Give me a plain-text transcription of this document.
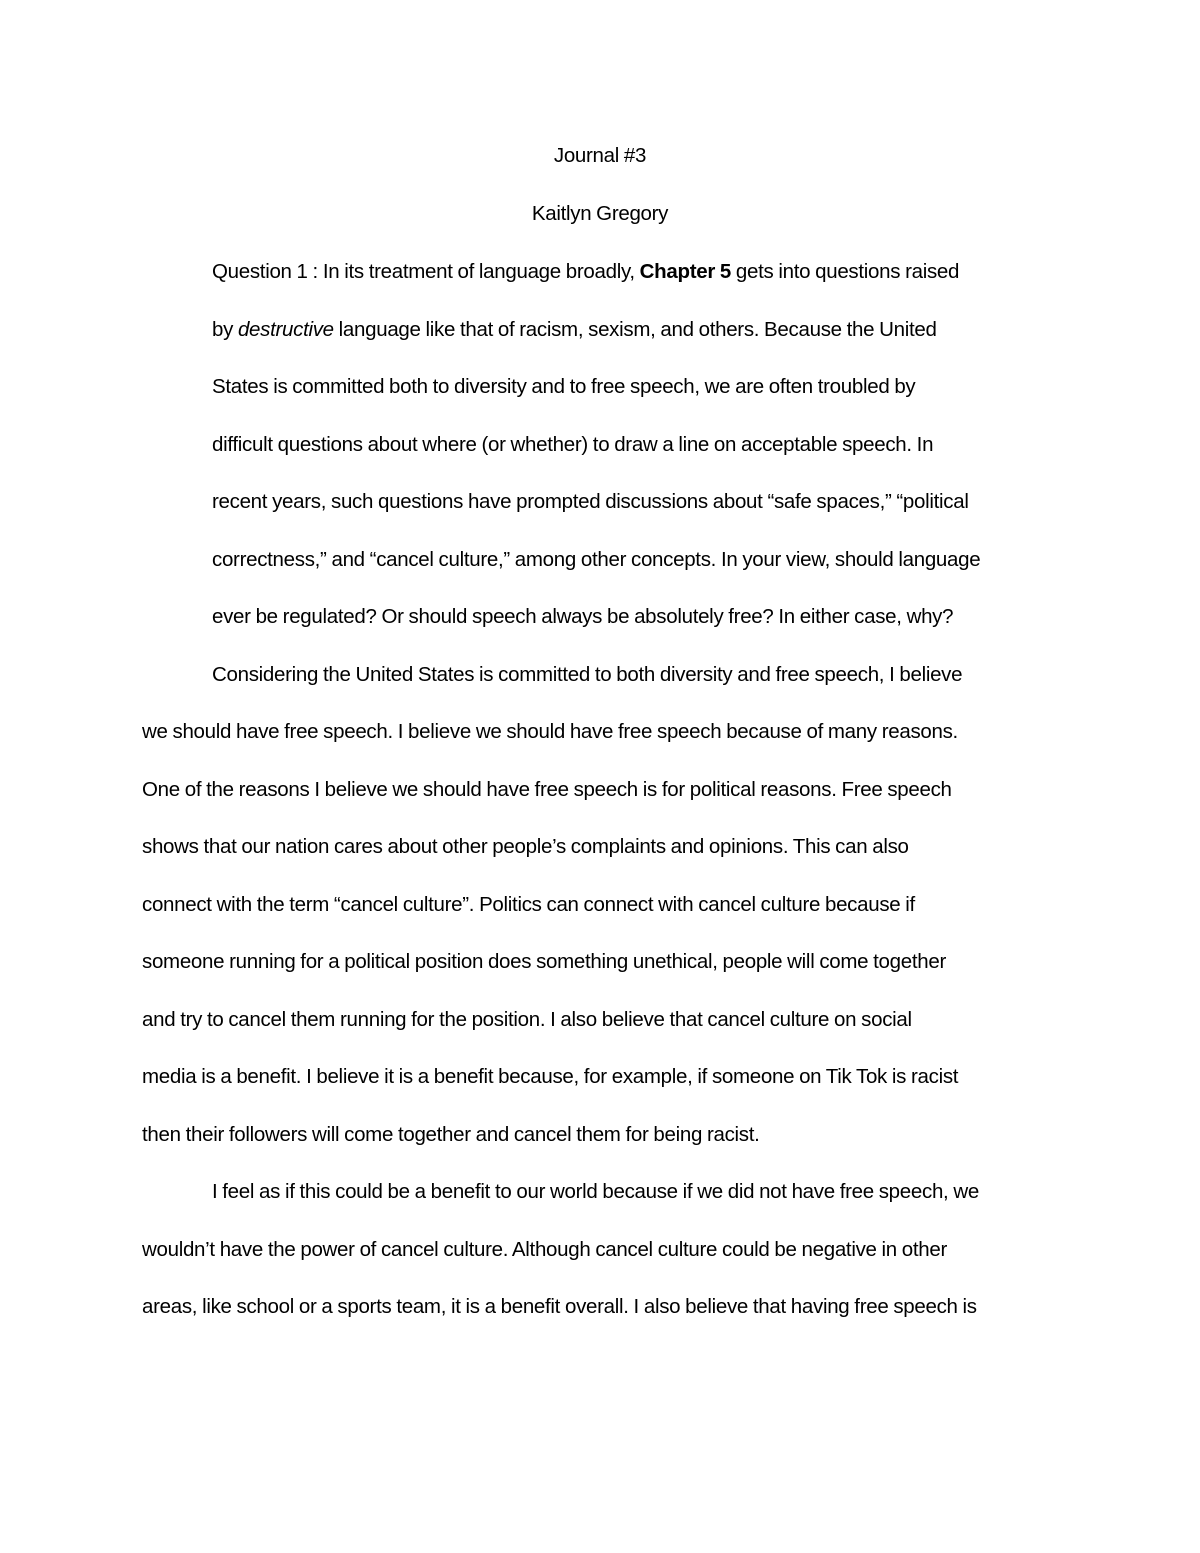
Journal #3
Kaitlyn Gregory
Question 1 : In its treatment of language broadly, Chapter 5 gets into questions raised
by destructive language like that of racism, sexism, and others. Because the United
States is committed both to diversity and to free speech, we are often troubled by
difficult questions about where (or whether) to draw a line on acceptable speech. In
recent years, such questions have prompted discussions about “safe spaces,” “political
correctness,” and “cancel culture,” among other concepts. In your view, should language
ever be regulated? Or should speech always be absolutely free? In either case, why?
Considering the United States is committed to both diversity and free speech, I believe
we should have free speech. I believe we should have free speech because of many reasons.
One of the reasons I believe we should have free speech is for political reasons. Free speech
shows that our nation cares about other people’s complaints and opinions. This can also
connect with the term “cancel culture”. Politics can connect with cancel culture because if
someone running for a political position does something unethical, people will come together
and try to cancel them running for the position. I also believe that cancel culture on social
media is a benefit. I believe it is a benefit because, for example, if someone on Tik Tok is racist
then their followers will come together and cancel them for being racist.
I feel as if this could be a benefit to our world because if we did not have free speech, we
wouldn’t have the power of cancel culture. Although cancel culture could be negative in other
areas, like school or a sports team, it is a benefit overall. I also believe that having free speech is
